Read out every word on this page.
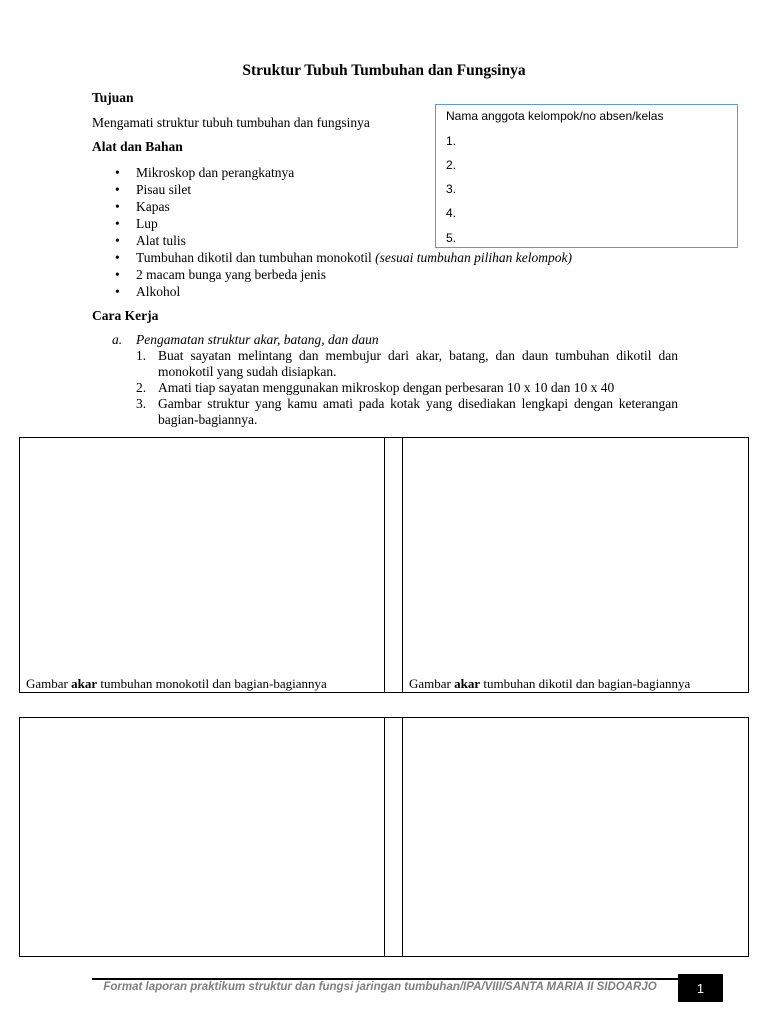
Struktur Tubuh Tumbuhan dan Fungsinya
Tujuan
Mengamati struktur tubuh tumbuhan dan fungsinya
Alat dan Bahan
• Mikroskop dan perangkatnya
• Pisau silet
• Kapas
• Lup
• Alat tulis
• Tumbuhan dikotil dan tumbuhan monokotil (sesuai tumbuhan pilihan kelompok)
• 2 macam bunga yang berbeda jenis
• Alkohol
Nama anggota kelompok/no absen/kelas
1.
2.
3.
4.
5.
Cara Kerja
a. Pengamatan struktur akar, batang, dan daun
1. Buat sayatan melintang dan membujur dari akar, batang, dan daun tumbuhan dikotil dan monokotil yang sudah disiapkan.
2. Amati tiap sayatan menggunakan mikroskop dengan perbesaran 10 x 10 dan 10 x 40
3. Gambar struktur yang kamu amati pada kotak yang disediakan lengkapi dengan keterangan bagian-bagiannya.
Gambar akar tumbuhan monokotil dan bagian-bagiannya	Gambar akar tumbuhan dikotil dan bagian-bagiannya
Format laporan praktikum struktur dan fungsi jaringan tumbuhan/IPA/VIII/SANTA MARIA II SIDOARJO	1
